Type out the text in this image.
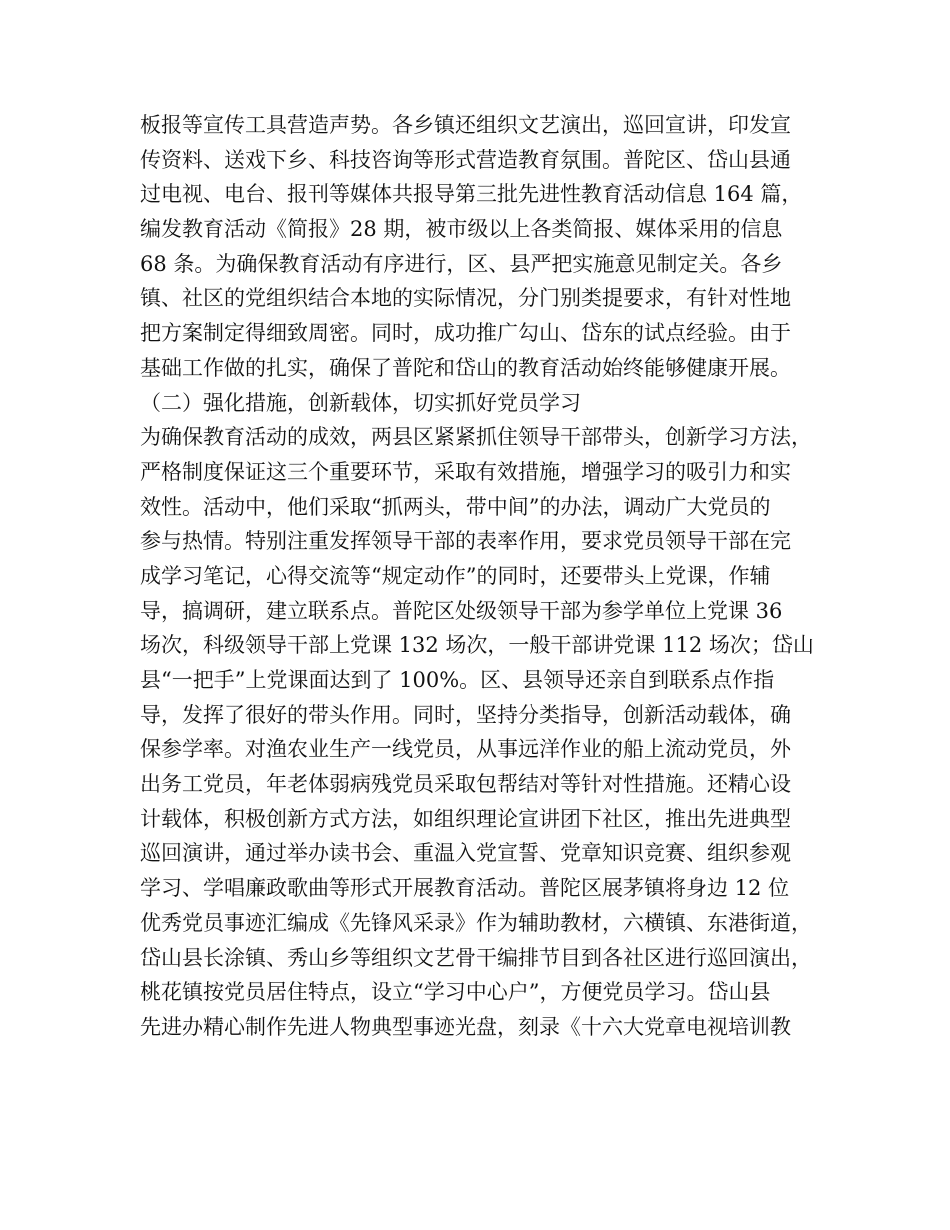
板报等宣传工具营造声势。各乡镇还组织文艺演出，巡回宣讲，印发宣
传资料、送戏下乡、科技咨询等形式营造教育氛围。普陀区、岱山县通
过电视、电台、报刊等媒体共报导第三批先进性教育活动信息 164 篇，
编发教育活动《简报》28 期，被市级以上各类简报、媒体采用的信息
68 条。为确保教育活动有序进行，区、县严把实施意见制定关。各乡
镇、社区的党组织结合本地的实际情况，分门别类提要求，有针对性地
把方案制定得细致周密。同时，成功推广勾山、岱东的试点经验。由于
基础工作做的扎实，确保了普陀和岱山的教育活动始终能够健康开展。
（二）强化措施，创新载体，切实抓好党员学习
为确保教育活动的成效，两县区紧紧抓住领导干部带头，创新学习方法，
严格制度保证这三个重要环节，采取有效措施，增强学习的吸引力和实
效性。活动中，他们采取“抓两头，带中间”的办法，调动广大党员的
参与热情。特别注重发挥领导干部的表率作用，要求党员领导干部在完
成学习笔记，心得交流等“规定动作”的同时，还要带头上党课，作辅
导，搞调研，建立联系点。普陀区处级领导干部为参学单位上党课 36
场次，科级领导干部上党课 132 场次，一般干部讲党课 112 场次；岱山
县“一把手”上党课面达到了 100%。区、县领导还亲自到联系点作指
导，发挥了很好的带头作用。同时，坚持分类指导，创新活动载体，确
保参学率。对渔农业生产一线党员，从事远洋作业的船上流动党员，外
出务工党员，年老体弱病残党员采取包帮结对等针对性措施。还精心设
计载体，积极创新方式方法，如组织理论宣讲团下社区，推出先进典型
巡回演讲，通过举办读书会、重温入党宣誓、党章知识竞赛、组织参观
学习、学唱廉政歌曲等形式开展教育活动。普陀区展茅镇将身边 12 位
优秀党员事迹汇编成《先锋风采录》作为辅助教材，六横镇、东港街道，
岱山县长涂镇、秀山乡等组织文艺骨干编排节目到各社区进行巡回演出，
桃花镇按党员居住特点，设立“学习中心户”，方便党员学习。岱山县
先进办精心制作先进人物典型事迹光盘，刻录《十六大党章电视培训教
